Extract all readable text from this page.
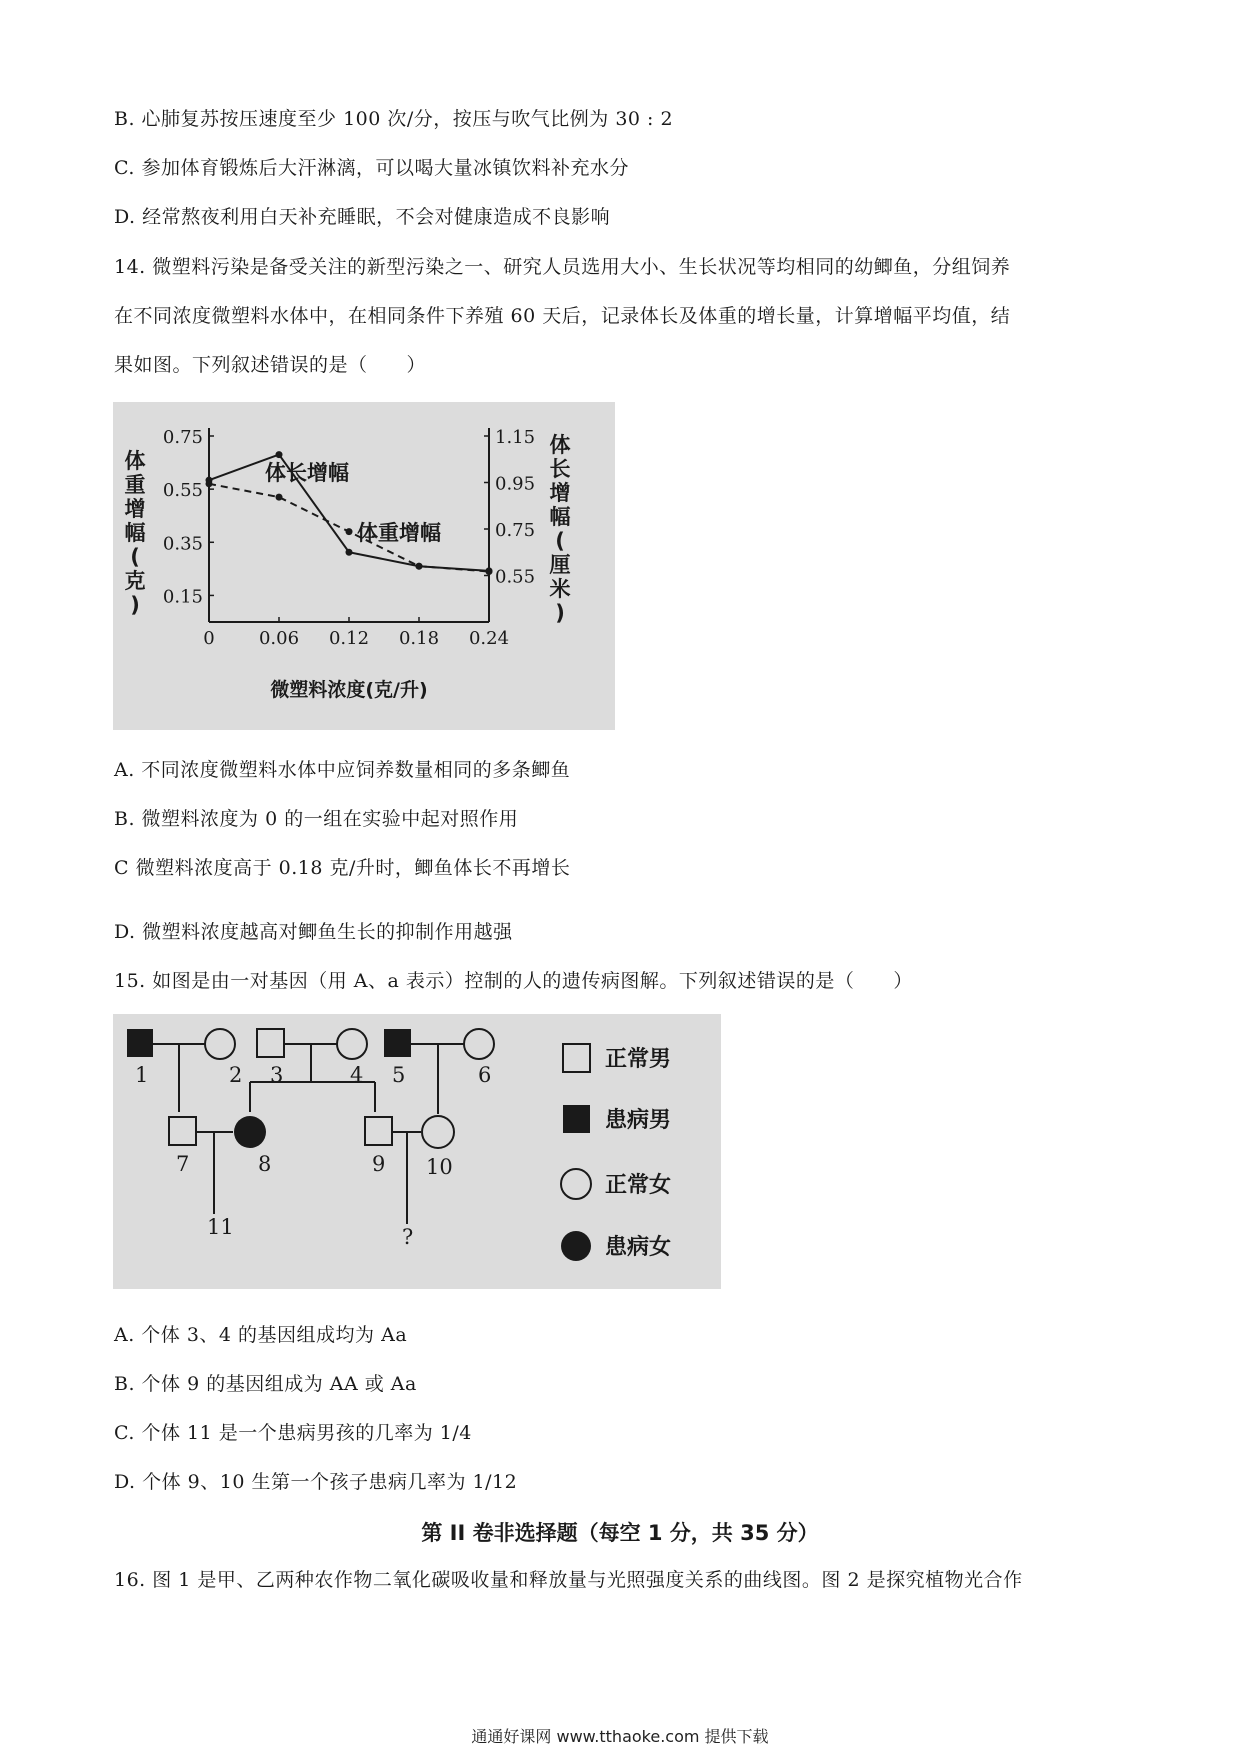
B. 心肺复苏按压速度至少 100 次/分，按压与吹气比例为 30 : 2
C. 参加体育锻炼后大汗淋漓，可以喝大量冰镇饮料补充水分
D. 经常熬夜利用白天补充睡眠，不会对健康造成不良影响
14. 微塑料污染是备受关注的新型污染之一、研究人员选用大小、生长状况等均相同的幼鲫鱼，分组饲养
在不同浓度微塑料水体中，在相同条件下养殖 60 天后，记录体长及体重的增长量，计算增幅平均值，结
果如图。下列叙述错误的是（　　）
0 0.06 0.12 0.18 0.24
0.75
0.55
0.35
0.15
1.15
0.95
0.75
0.55
体
重
增
幅
(
克
)
体
长
增
幅
(
厘
米
)
体长增幅
体重增幅
微塑料浓度(克/升)
A. 不同浓度微塑料水体中应饲养数量相同的多条鲫鱼
B. 微塑料浓度为 0 的一组在实验中起对照作用
C 微塑料浓度高于 0.18 克/升时，鲫鱼体长不再增长
D. 微塑料浓度越高对鲫鱼生长的抑制作用越强
15. 如图是由一对基因（用 A、a 表示）控制的人的遗传病图解。下列叙述错误的是（　　）
1	2 3	4 5	6
7	8	9 10
11	?
正常男
患病男
正常女
患病女
A. 个体 3、4 的基因组成均为 Aa
B. 个体 9 的基因组成为 AA 或 Aa
C. 个体 11 是一个患病男孩的几率为 1/4
D. 个体 9、10 生第一个孩子患病几率为 1/12
第 II 卷非选择题（每空 1 分，共 35 分）
16. 图 1 是甲、乙两种农作物二氧化碳吸收量和释放量与光照强度关系的曲线图。图 2 是探究植物光合作
通通好课网 www.tthaoke.com 提供下载
